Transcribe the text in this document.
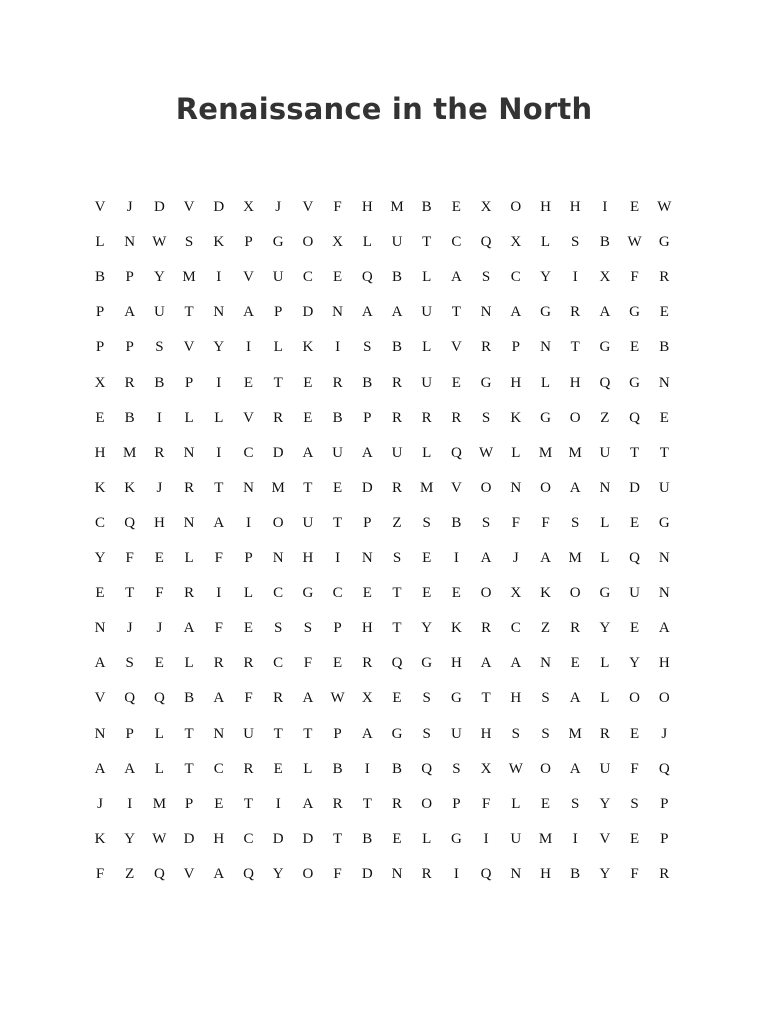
Renaissance in the North
V	J	D	V	D	X	J	V	F	H	M	B	E	X	O	H	H	I	E	W
L	N	W	S	K	P	G	O	X	L	U	T	C	Q	X	L	S	B	W	G
B	P	Y	M	I	V	U	C	E	Q	B	L	A	S	C	Y	I	X	F	R
P	A	U	T	N	A	P	D	N	A	A	U	T	N	A	G	R	A	G	E
P	P	S	V	Y	I	L	K	I	S	B	L	V	R	P	N	T	G	E	B
X	R	B	P	I	E	T	E	R	B	R	U	E	G	H	L	H	Q	G	N
E	B	I	L	L	V	R	E	B	P	R	R	R	S	K	G	O	Z	Q	E
H	M	R	N	I	C	D	A	U	A	U	L	Q	W	L	M	M	U	T	T
K	K	J	R	T	N	M	T	E	D	R	M	V	O	N	O	A	N	D	U
C	Q	H	N	A	I	O	U	T	P	Z	S	B	S	F	F	S	L	E	G
Y	F	E	L	F	P	N	H	I	N	S	E	I	A	J	A	M	L	Q	N
E	T	F	R	I	L	C	G	C	E	T	E	E	O	X	K	O	G	U	N
N	J	J	A	F	E	S	S	P	H	T	Y	K	R	C	Z	R	Y	E	A
A	S	E	L	R	R	C	F	E	R	Q	G	H	A	A	N	E	L	Y	H
V	Q	Q	B	A	F	R	A	W	X	E	S	G	T	H	S	A	L	O	O
N	P	L	T	N	U	T	T	P	A	G	S	U	H	S	S	M	R	E	J
A	A	L	T	C	R	E	L	B	I	B	Q	S	X	W	O	A	U	F	Q
J	I	M	P	E	T	I	A	R	T	R	O	P	F	L	E	S	Y	S	P
K	Y	W	D	H	C	D	D	T	B	E	L	G	I	U	M	I	V	E	P
F	Z	Q	V	A	Q	Y	O	F	D	N	R	I	Q	N	H	B	Y	F	R
